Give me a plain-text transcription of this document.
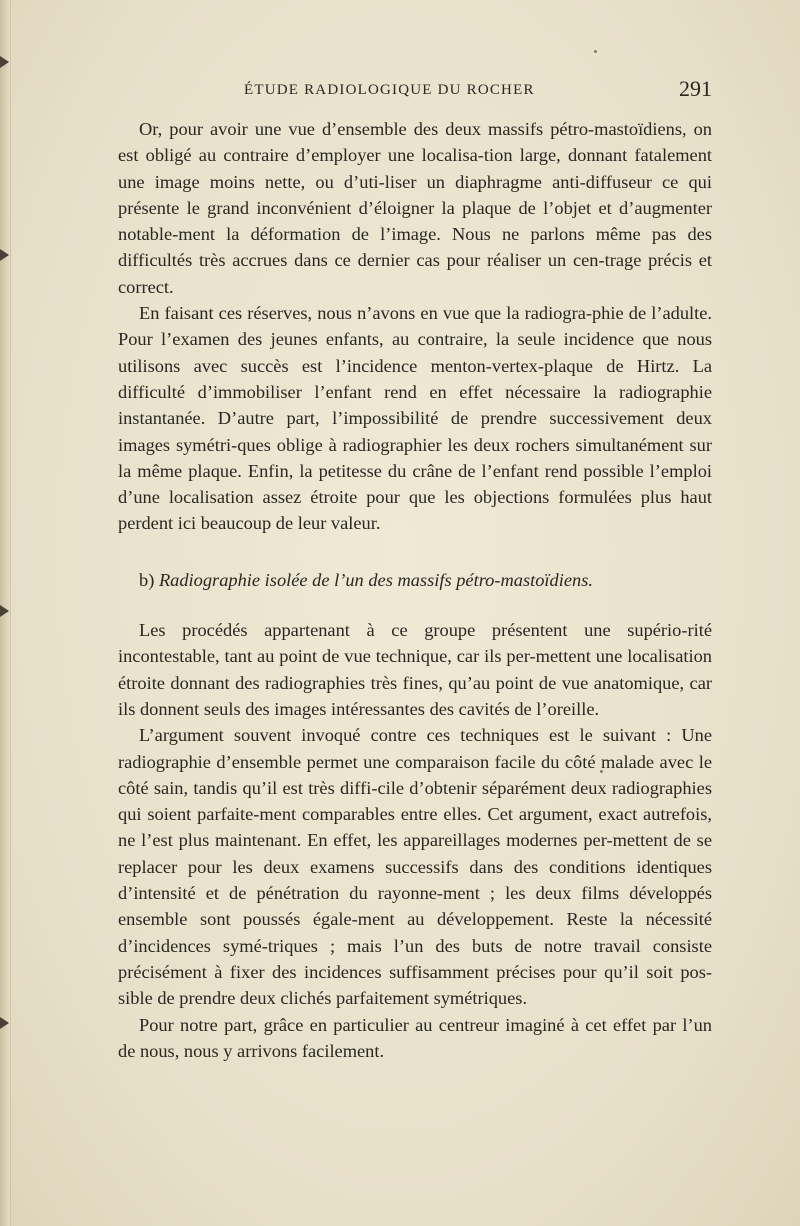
ÉTUDE RADIOLOGIQUE DU ROCHER	291

Or, pour avoir une vue d’ensemble des deux massifs pétro-mastoïdiens, on est obligé au contraire d’employer une localisa-tion large, donnant fatalement une image moins nette, ou d’uti-liser un diaphragme anti-diffuseur ce qui présente le grand inconvénient d’éloigner la plaque de l’objet et d’augmenter notable-ment la déformation de l’image. Nous ne parlons même pas des difficultés très accrues dans ce dernier cas pour réaliser un cen-trage précis et correct.

En faisant ces réserves, nous n’avons en vue que la radiogra-phie de l’adulte. Pour l’examen des jeunes enfants, au contraire, la seule incidence que nous utilisons avec succès est l’incidence menton-vertex-plaque de Hirtz. La difficulté d’immobiliser l’enfant rend en effet nécessaire la radiographie instantanée. D’autre part, l’impossibilité de prendre successivement deux images symétri-ques oblige à radiographier les deux rochers simultanément sur la même plaque. Enfin, la petitesse du crâne de l’enfant rend possible l’emploi d’une localisation assez étroite pour que les objections formulées plus haut perdent ici beaucoup de leur valeur.

b) Radiographie isolée de l’un des massifs pétro-mastoïdiens.

Les procédés appartenant à ce groupe présentent une supério-rité incontestable, tant au point de vue technique, car ils per-mettent une localisation étroite donnant des radiographies très fines, qu’au point de vue anatomique, car ils donnent seuls des images intéressantes des cavités de l’oreille.

L’argument souvent invoqué contre ces techniques est le suivant : Une radiographie d’ensemble permet une comparaison facile du côté malade avec le côté sain, tandis qu’il est très diffi-cile d’obtenir séparément deux radiographies qui soient parfaite-ment comparables entre elles. Cet argument, exact autrefois, ne l’est plus maintenant. En effet, les appareillages modernes per-mettent de se replacer pour les deux examens successifs dans des conditions identiques d’intensité et de pénétration du rayonne-ment ; les deux films développés ensemble sont poussés égale-ment au développement. Reste la nécessité d’incidences symé-triques ; mais l’un des buts de notre travail consiste précisément à fixer des incidences suffisamment précises pour qu’il soit pos-sible de prendre deux clichés parfaitement symétriques.

Pour notre part, grâce en particulier au centreur imaginé à cet effet par l’un de nous, nous y arrivons facilement.
